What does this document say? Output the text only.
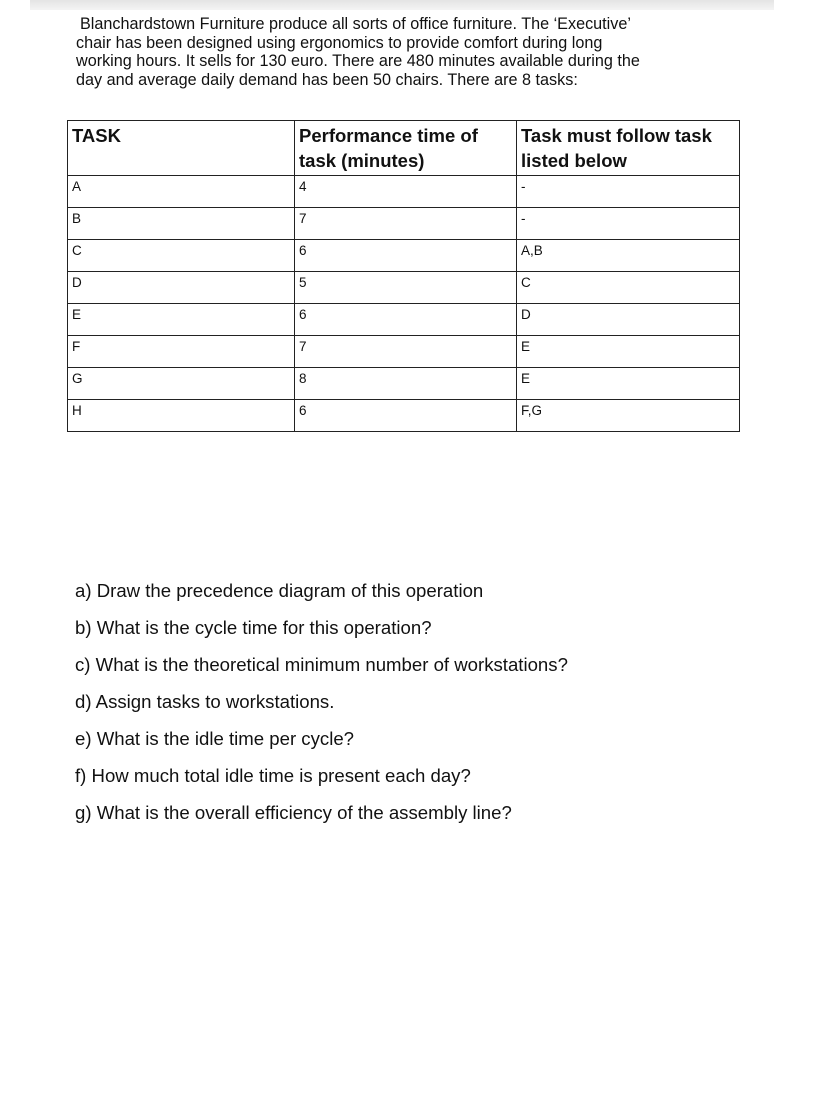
Blanchardstown Furniture produce all sorts of office furniture. The ‘Executive’
chair has been designed using ergonomics to provide comfort during long
working hours. It sells for 130 euro. There are 480 minutes available during the
day and average daily demand has been 50 chairs. There are 8 tasks:

TASK	Performance time of task (minutes)	Task must follow task listed below
A	4	-
B	7	-
C	6	A,B
D	5	C
E	6	D
F	7	E
G	8	E
H	6	F,G
a) Draw the precedence diagram of this operation
b) What is the cycle time for this operation?
c) What is the theoretical minimum number of workstations?
d) Assign tasks to workstations.
e) What is the idle time per cycle?
f) How much total idle time is present each day?
g) What is the overall efficiency of the assembly line?
